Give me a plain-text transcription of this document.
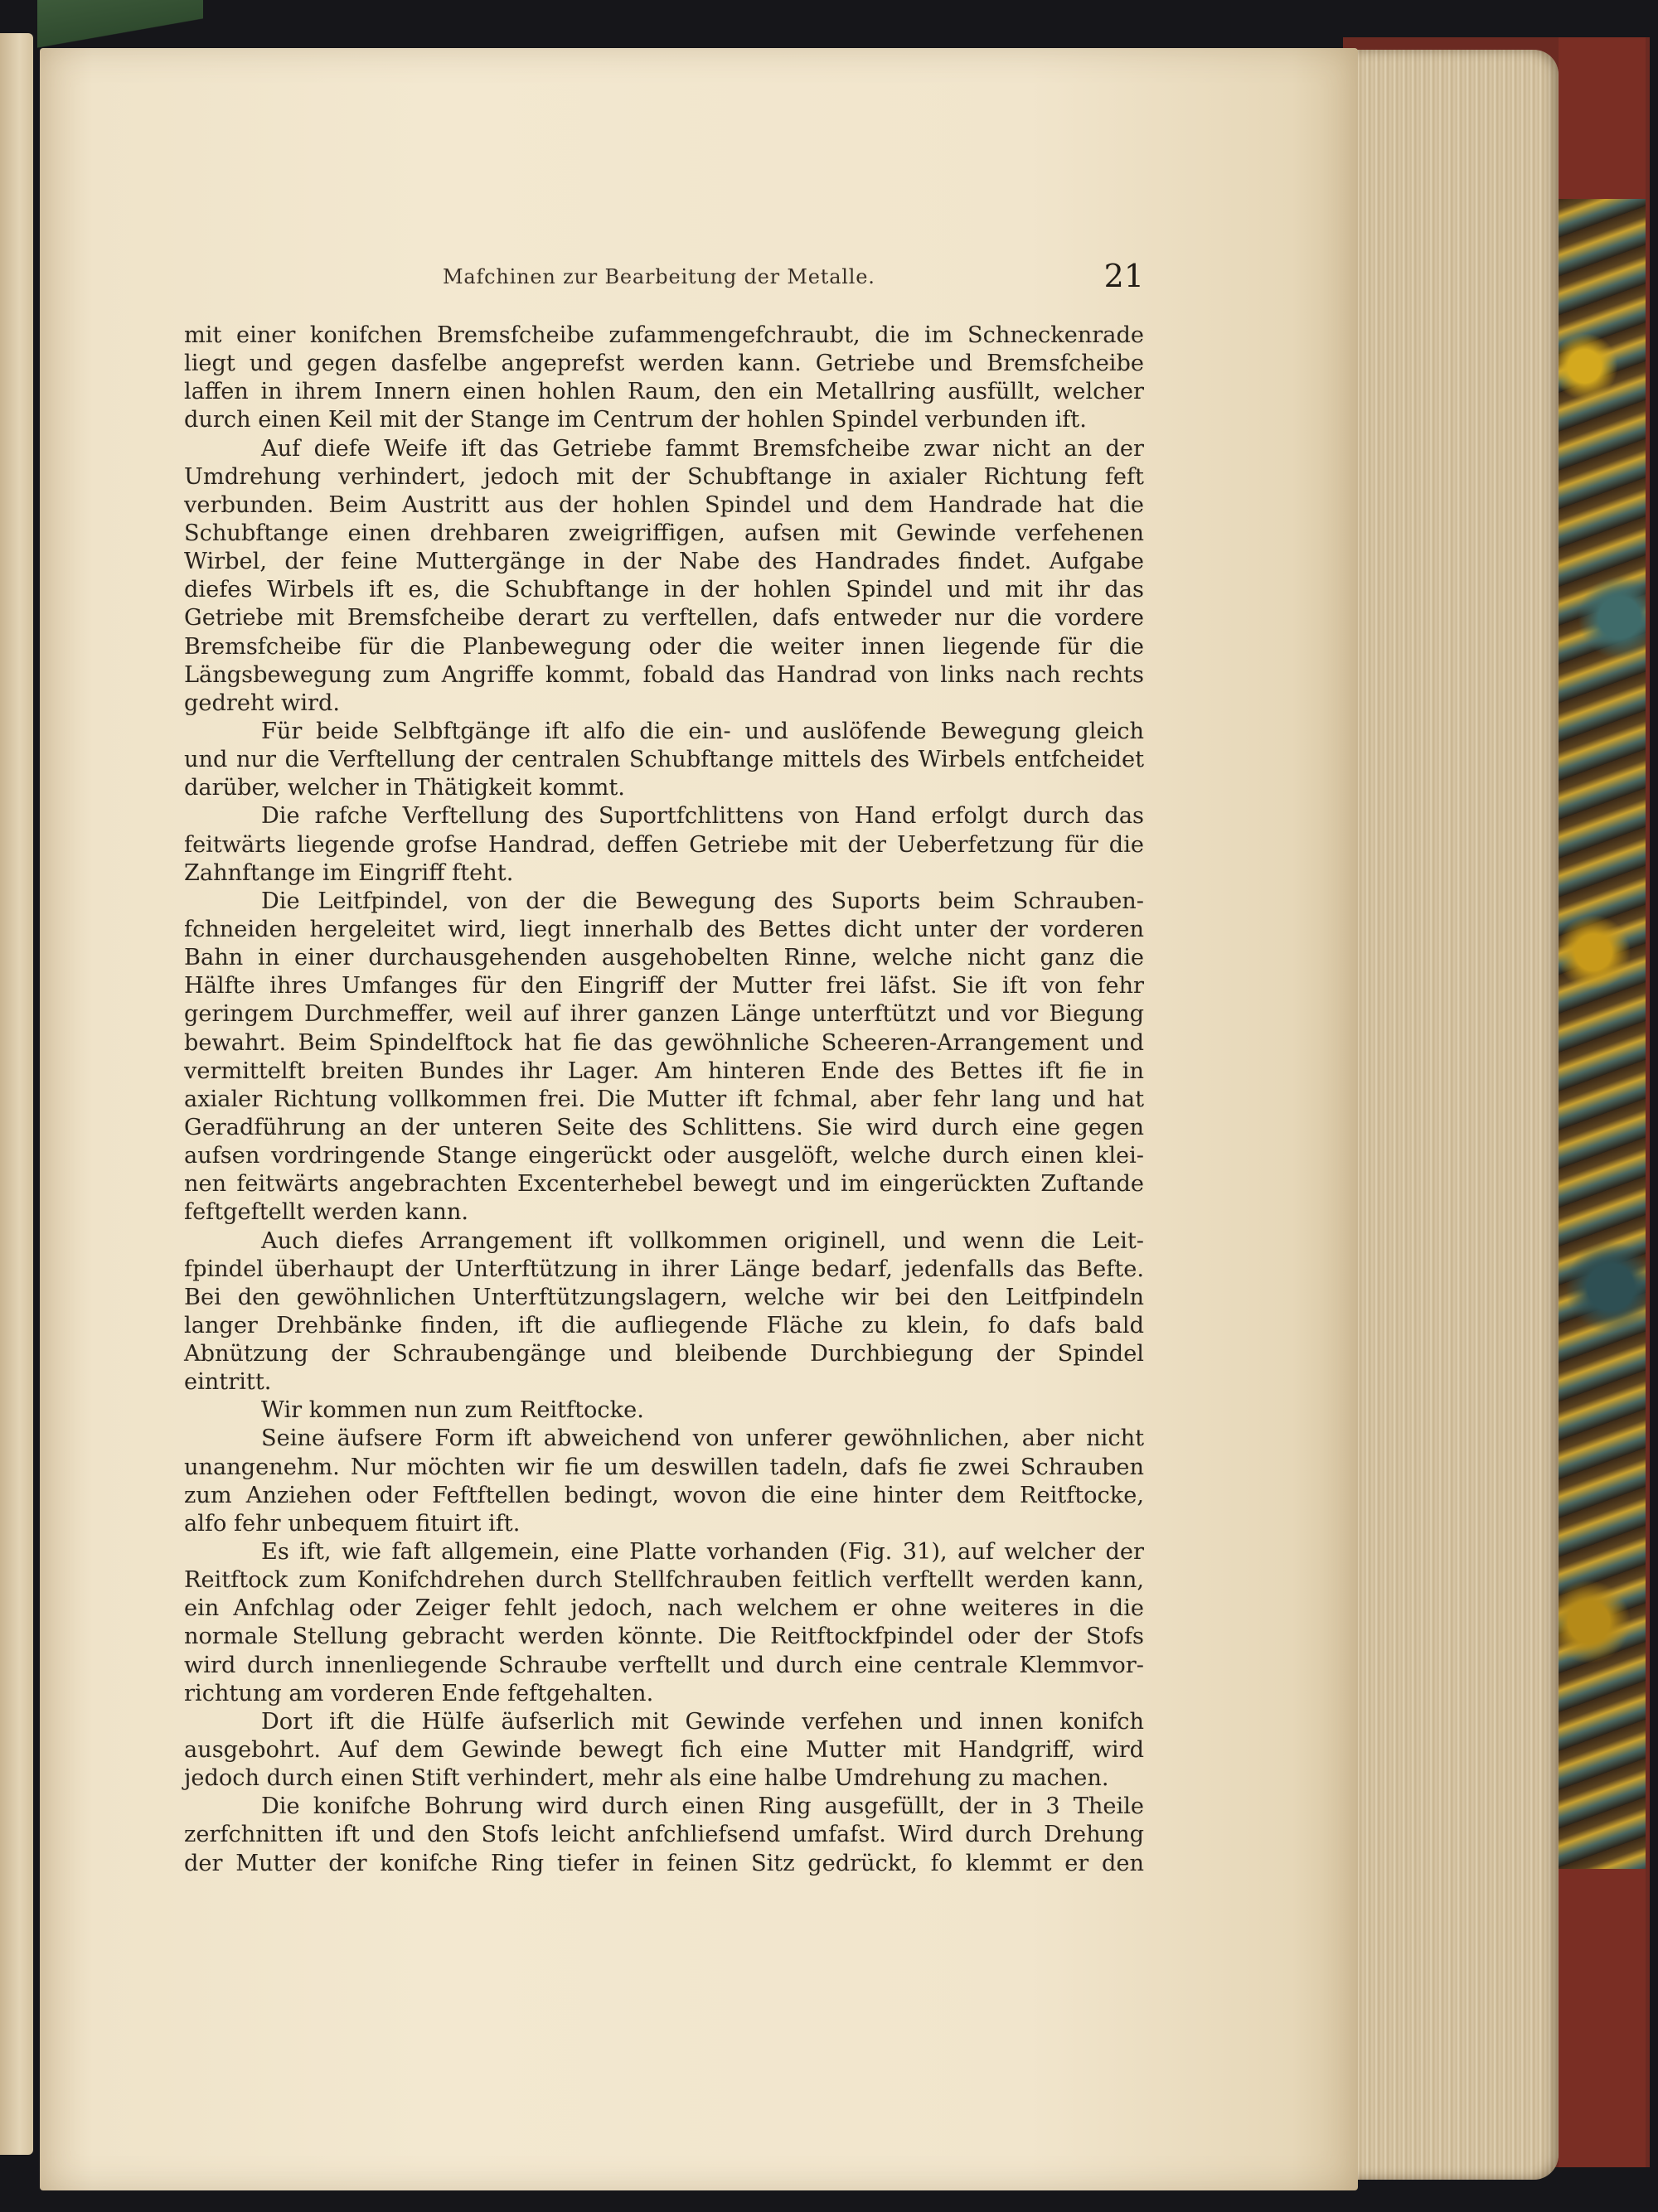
Mafchinen zur Bearbeitung der Metalle.	21
mit einer konifchen Bremsfcheibe zufammengefchraubt, die im Schneckenrade
liegt und gegen dasfelbe angeprefst werden kann. Getriebe und Bremsfcheibe
laffen in ihrem Innern einen hohlen Raum, den ein Metallring ausfüllt, welcher
durch einen Keil mit der Stange im Centrum der hohlen Spindel verbunden ift.
Auf diefe Weife ift das Getriebe fammt Bremsfcheibe zwar nicht an der
Umdrehung verhindert, jedoch mit der Schubftange in axialer Richtung feft
verbunden. Beim Austritt aus der hohlen Spindel und dem Handrade hat die
Schubftange einen drehbaren zweigriffigen, aufsen mit Gewinde verfehenen
Wirbel, der feine Muttergänge in der Nabe des Handrades findet. Aufgabe
diefes Wirbels ift es, die Schubftange in der hohlen Spindel und mit ihr das
Getriebe mit Bremsfcheibe derart zu verftellen, dafs entweder nur die vordere
Bremsfcheibe für die Planbewegung oder die weiter innen liegende für die
Längsbewegung zum Angriffe kommt, fobald das Handrad von links nach rechts
gedreht wird.
Für beide Selbftgänge ift alfo die ein- und auslöfende Bewegung gleich
und nur die Verftellung der centralen Schubftange mittels des Wirbels entfcheidet
darüber, welcher in Thätigkeit kommt.
Die rafche Verftellung des Suportfchlittens von Hand erfolgt durch das
feitwärts liegende grofse Handrad, deffen Getriebe mit der Ueberfetzung für die
Zahnftange im Eingriff fteht.
Die Leitfpindel, von der die Bewegung des Suports beim Schrauben-
fchneiden hergeleitet wird, liegt innerhalb des Bettes dicht unter der vorderen
Bahn in einer durchausgehenden ausgehobelten Rinne, welche nicht ganz die
Hälfte ihres Umfanges für den Eingriff der Mutter frei läfst. Sie ift von fehr
geringem Durchmeffer, weil auf ihrer ganzen Länge unterftützt und vor Biegung
bewahrt. Beim Spindelftock hat fie das gewöhnliche Scheeren-Arrangement und
vermittelft breiten Bundes ihr Lager. Am hinteren Ende des Bettes ift fie in
axialer Richtung vollkommen frei. Die Mutter ift fchmal, aber fehr lang und hat
Geradführung an der unteren Seite des Schlittens. Sie wird durch eine gegen
aufsen vordringende Stange eingerückt oder ausgelöft, welche durch einen klei-
nen feitwärts angebrachten Excenterhebel bewegt und im eingerückten Zuftande
feftgeftellt werden kann.
Auch diefes Arrangement ift vollkommen originell, und wenn die Leit-
fpindel überhaupt der Unterftützung in ihrer Länge bedarf, jedenfalls das Befte.
Bei den gewöhnlichen Unterftützungslagern, welche wir bei den Leitfpindeln
langer Drehbänke finden, ift die aufliegende Fläche zu klein, fo dafs bald
Abnützung der Schraubengänge und bleibende Durchbiegung der Spindel
eintritt.
Wir kommen nun zum Reitftocke.
Seine äufsere Form ift abweichend von unferer gewöhnlichen, aber nicht
unangenehm. Nur möchten wir fie um deswillen tadeln, dafs fie zwei Schrauben
zum Anziehen oder Feftftellen bedingt, wovon die eine hinter dem Reitftocke,
alfo fehr unbequem fituirt ift.
Es ift, wie faft allgemein, eine Platte vorhanden (Fig. 31), auf welcher der
Reitftock zum Konifchdrehen durch Stellfchrauben feitlich verftellt werden kann,
ein Anfchlag oder Zeiger fehlt jedoch, nach welchem er ohne weiteres in die
normale Stellung gebracht werden könnte. Die Reitftockfpindel oder der Stofs
wird durch innenliegende Schraube verftellt und durch eine centrale Klemmvor-
richtung am vorderen Ende feftgehalten.
Dort ift die Hülfe äufserlich mit Gewinde verfehen und innen konifch
ausgebohrt. Auf dem Gewinde bewegt fich eine Mutter mit Handgriff, wird
jedoch durch einen Stift verhindert, mehr als eine halbe Umdrehung zu machen.
Die konifche Bohrung wird durch einen Ring ausgefüllt, der in 3 Theile
zerfchnitten ift und den Stofs leicht anfchliefsend umfafst. Wird durch Drehung
der Mutter der konifche Ring tiefer in feinen Sitz gedrückt, fo klemmt er den
